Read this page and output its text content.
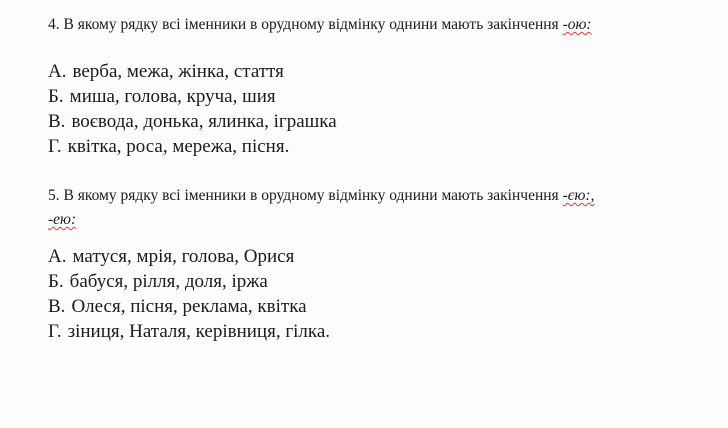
4. В якому рядку всі іменники в орудному відмінку однини мають закінчення -ою:

А. верба, межа, жінка, стаття
Б. миша, голова, круча, шия
В. воєвода, донька, ялинка, іграшка
Г. квітка, роса, мережа, пісня.

5. В якому рядку всі іменники в орудному відмінку однини мають закінчення -єю:,
-ею:

А. матуся, мрія, голова, Орися
Б. бабуся, рілля, доля, іржа
В. Олеся, пісня, реклама, квітка
Г. зіниця, Наталя, керівниця, гілка.
